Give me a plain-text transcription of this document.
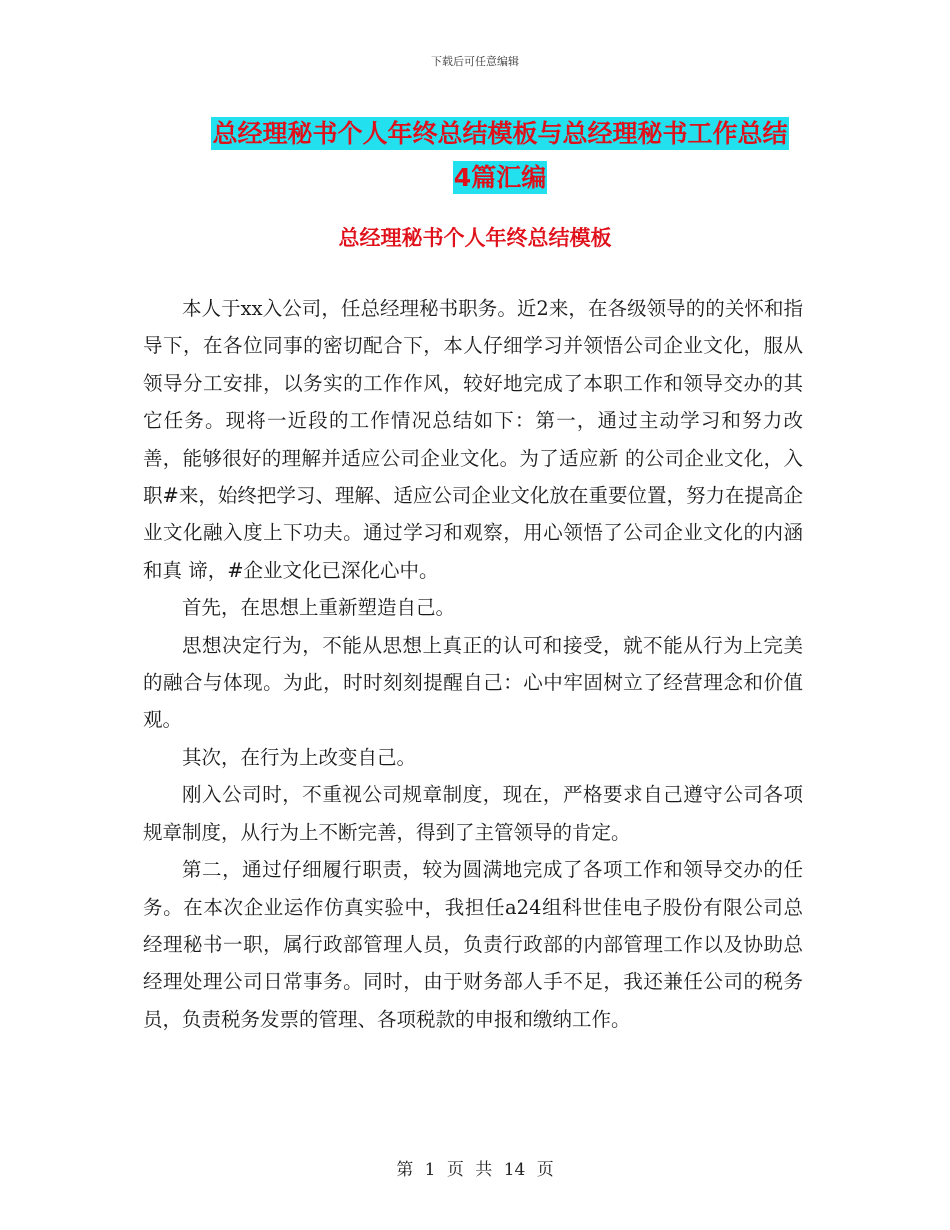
下载后可任意编辑
总经理秘书个人年终总结模板与总经理秘书工作总结
4篇汇编
总经理秘书个人年终总结模板

本人于xx入公司，任总经理秘书职务。近2来，在各级领导的的关怀和指导下，在各位同事的密切配合下，本人仔细学习并领悟公司企业文化，服从领导分工安排，以务实的工作作风，较好地完成了本职工作和领导交办的其它任务。现将一近段的工作情况总结如下：第一，通过主动学习和努力改善，能够很好的理解并适应公司企业文化。为了适应新 的公司企业文化，入职#来，始终把学习、理解、适应公司企业文化放在重要位置，努力在提高企业文化融入度上下功夫。通过学习和观察，用心领悟了公司企业文化的内涵和真 谛，#企业文化已深化心中。

首先，在思想上重新塑造自己。

思想决定行为，不能从思想上真正的认可和接受，就不能从行为上完美的融合与体现。为此，时时刻刻提醒自己：心中牢固树立了经营理念和价值观。

其次，在行为上改变自己。

刚入公司时，不重视公司规章制度，现在，严格要求自己遵守公司各项规章制度，从行为上不断完善，得到了主管领导的肯定。

第二，通过仔细履行职责，较为圆满地完成了各项工作和领导交办的任务。在本次企业运作仿真实验中，我担任a24组科世佳电子股份有限公司总经理秘书一职，属行政部管理人员，负责行政部的内部管理工作以及协助总经理处理公司日常事务。同时，由于财务部人手不足，我还兼任公司的税务员，负责税务发票的管理、各项税款的申报和缴纳工作。

第 1 页 共 14 页
